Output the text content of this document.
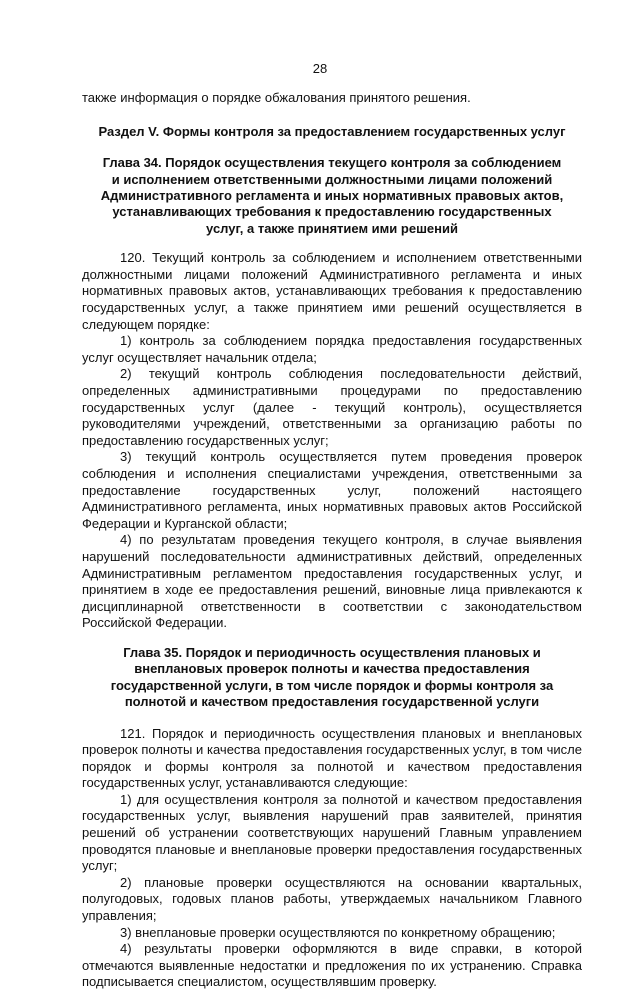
28

также информация о порядке обжалования принятого решения.

Раздел V. Формы контроля за предоставлением государственных услуг

Глава 34. Порядок осуществления текущего контроля за соблюдением и исполнением ответственными должностными лицами положений Административного регламента и иных нормативных правовых актов, устанавливающих требования к предоставлению государственных услуг, а также принятием ими решений

120. Текущий контроль за соблюдением и исполнением ответственными должностными лицами положений Административного регламента и иных нормативных правовых актов, устанавливающих требования к предоставлению государственных услуг, а также принятием ими решений осуществляется в следующем порядке:

1) контроль за соблюдением порядка предоставления государственных услуг осуществляет начальник отдела;

2) текущий контроль соблюдения последовательности действий, определенных административными процедурами по предоставлению государственных услуг (далее - текущий контроль), осуществляется руководителями учреждений, ответственными за организацию работы по предоставлению государственных услуг;

3) текущий контроль осуществляется путем проведения проверок соблюдения и исполнения специалистами учреждения, ответственными за предоставление государственных услуг, положений настоящего Административного регламента, иных нормативных правовых актов Российской Федерации и Курганской области;

4) по результатам проведения текущего контроля, в случае выявления нарушений последовательности административных действий, определенных Административным регламентом предоставления государственных услуг, и принятием в ходе ее предоставления решений, виновные лица привлекаются к дисциплинарной ответственности в соответствии с законодательством Российской Федерации.

Глава 35. Порядок и периодичность осуществления плановых и внеплановых проверок полноты и качества предоставления государственной услуги, в том числе порядок и формы контроля за полнотой и качеством предоставления государственной услуги

121. Порядок и периодичность осуществления плановых и внеплановых проверок полноты и качества предоставления государственных услуг, в том числе порядок и формы контроля за полнотой и качеством предоставления государственных услуг, устанавливаются следующие:

1) для осуществления контроля за полнотой и качеством предоставления государственных услуг, выявления нарушений прав заявителей, принятия решений об устранении соответствующих нарушений Главным управлением проводятся плановые и внеплановые проверки предоставления государственных услуг;

2) плановые проверки осуществляются на основании квартальных, полугодовых, годовых планов работы, утверждаемых начальником Главного управления;

3) внеплановые проверки осуществляются по конкретному обращению;

4) результаты проверки оформляются в виде справки, в которой отмечаются выявленные недостатки и предложения по их устранению. Справка подписывается специалистом, осуществлявшим проверку.
